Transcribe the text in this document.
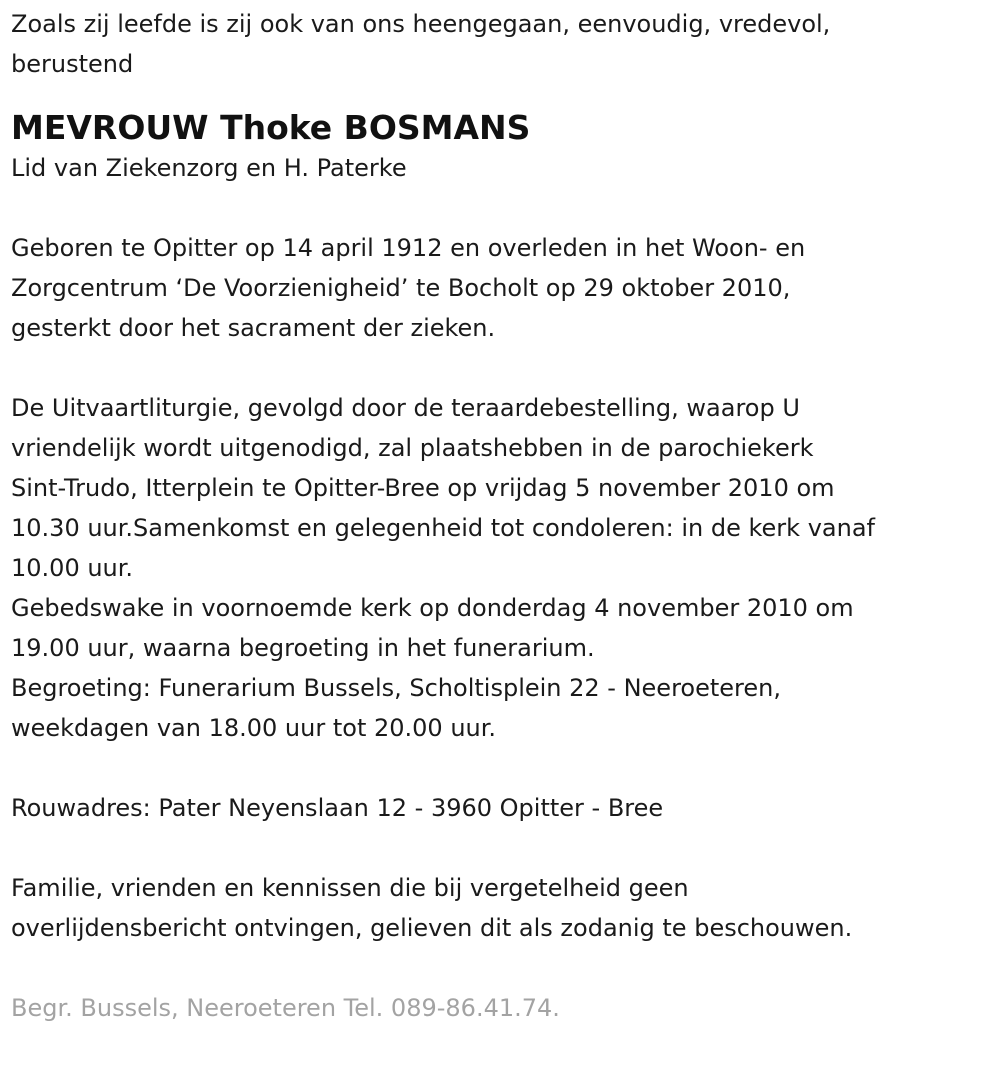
Zoals zij leefde is zij ook van ons heengegaan, eenvoudig, vredevol,
berustend

MEVROUW Thoke BOSMANS

Lid van Ziekenzorg en H. Paterke

Geboren te Opitter op 14 april 1912 en overleden in het Woon- en
Zorgcentrum ‘De Voorzienigheid’ te Bocholt op 29 oktober 2010,
gesterkt door het sacrament der zieken.

De Uitvaartliturgie, gevolgd door de teraardebestelling, waarop U
vriendelijk wordt uitgenodigd, zal plaatshebben in de parochiekerk
Sint-Trudo, Itterplein te Opitter-Bree op vrijdag 5 november 2010 om
10.30 uur.Samenkomst en gelegenheid tot condoleren: in de kerk vanaf
10.00 uur.

Gebedswake in voornoemde kerk op donderdag 4 november 2010 om
19.00 uur, waarna begroeting in het funerarium.

Begroeting: Funerarium Bussels, Scholtisplein 22 - Neeroeteren,
weekdagen van 18.00 uur tot 20.00 uur.

Rouwadres: Pater Neyenslaan 12 - 3960 Opitter - Bree

Familie, vrienden en kennissen die bij vergetelheid geen
overlijdensbericht ontvingen, gelieven dit als zodanig te beschouwen.

Begr. Bussels, Neeroeteren Tel. 089-86.41.74.
